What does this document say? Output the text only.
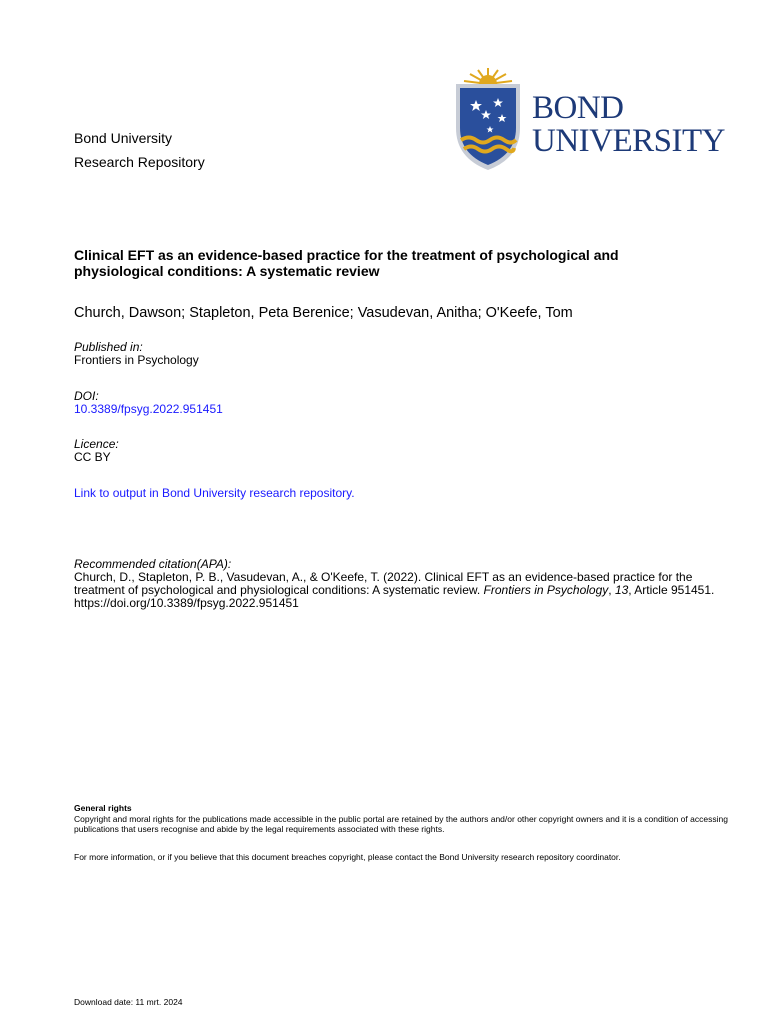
Bond University
Research Repository
BOND
UNIVERSITY
Clinical EFT as an evidence-based practice for the treatment of psychological and physiological conditions: A systematic review
Church, Dawson; Stapleton, Peta Berenice; Vasudevan, Anitha; O'Keefe, Tom
Published in:
Frontiers in Psychology
DOI:
10.3389/fpsyg.2022.951451
Licence:
CC BY
Link to output in Bond University research repository.
Recommended citation(APA):
Church, D., Stapleton, P. B., Vasudevan, A., & O'Keefe, T. (2022). Clinical EFT as an evidence-based practice for the treatment of psychological and physiological conditions: A systematic review. Frontiers in Psychology, 13, Article 951451. https://doi.org/10.3389/fpsyg.2022.951451
General rights
Copyright and moral rights for the publications made accessible in the public portal are retained by the authors and/or other copyright owners and it is a condition of accessing publications that users recognise and abide by the legal requirements associated with these rights.
For more information, or if you believe that this document breaches copyright, please contact the Bond University research repository coordinator.
Download date: 11 mrt. 2024
